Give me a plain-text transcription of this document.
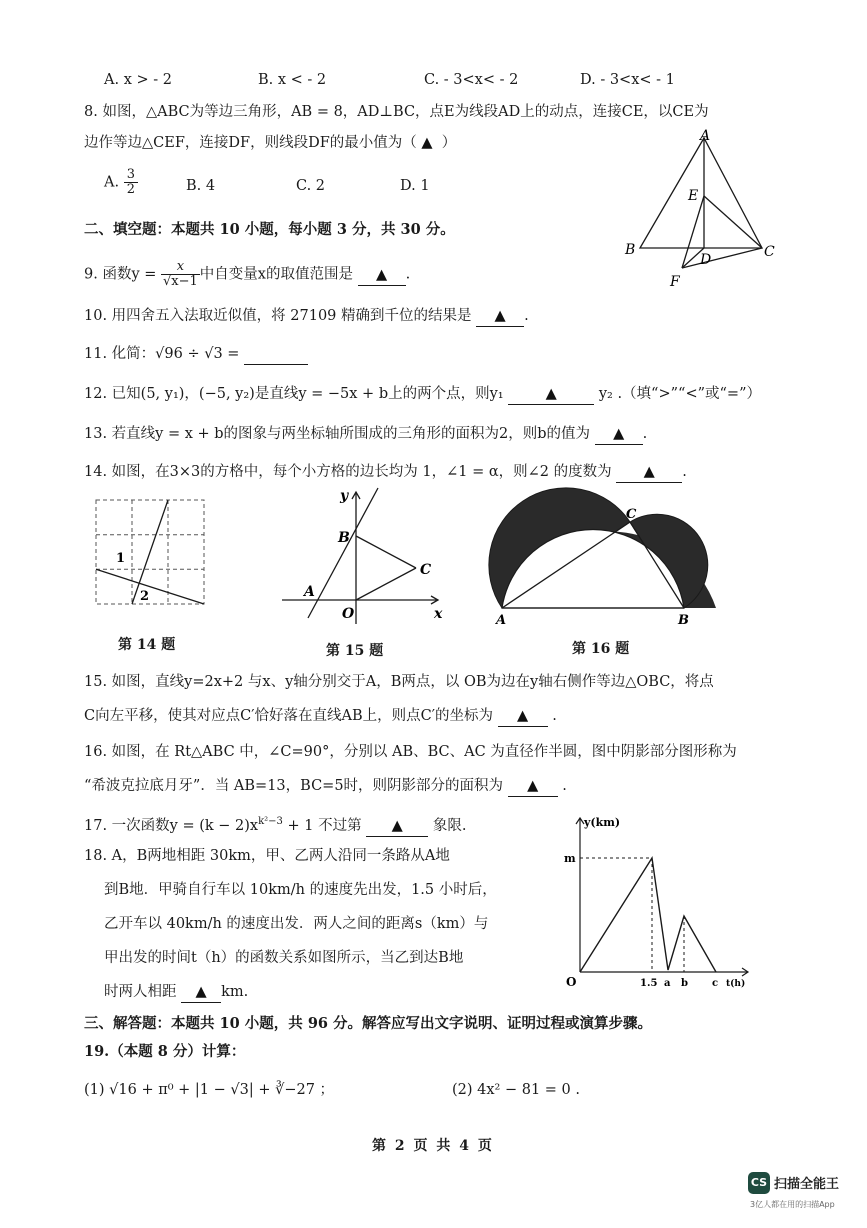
A. x > - 2	B. x < - 2	C. - 3<x< - 2	D. - 3<x< - 1
8. 如图，△ABC为等边三角形，AB = 8，AD⊥BC，点E为线段AD上的动点，连接CE，以CE为
边作等边△CEF，连接DF，则线段DF的最小值为（ ▲ ）
A. $\frac{3}{2}$	B. 4	C. 2	D. 1
A
B	C
D
E
F
二、填空题：本题共 10 小题，每小题 3 分，共 30 分。
9. 函数$y = \frac{x}{√x-1}$ 中自变量x的取值范围是 ▲ .
10. 用四舍五入法取近似值，将 27109 精确到千位的结果是 ▲ .
11. 化简：√96 ÷ √3 =
12. 已知(5, y₁)，(−5, y₂)是直线y = −5x + b上的两个点，则y₁	▲	y₂ .（填“>”“<”或“=”）
13. 若直线y = x + b的图象与两坐标轴所围成的三角形的面积为2，则b的值为 ▲ .
14. 如图，在3×3的方格中，每个小方格的边长均为 1，∠1 = α，则∠2 的度数为 ▲ .
1
2
第 14 题
y
x
B
C
A
O
第 15 题
A	B
C
第 16 题
15. 如图，直线y=2x+2 与x、y轴分别交于A，B两点，以 OB为边在y轴右侧作等边△OBC，将点
C向左平移，使其对应点C′恰好落在直线AB上，则点C′的坐标为 ▲ .
16. 如图，在 Rt△ABC 中，∠C=90°，分别以 AB、BC、AC 为直径作半圆，图中阴影部分图形称为
“希波克拉底月牙”．当 AB=13，BC=5时，则阴影部分的面积为 ▲ .
17. 一次函数$y = (k - 2)x^{k^2-3} + 1$ 不过第 ▲ 象限.
18. A，B两地相距 30km，甲、乙两人沿同一条路从A地
到B地．甲骑自行车以 10km/h 的速度先出发，1.5 小时后，
乙开车以 40km/h 的速度出发．两人之间的距离s（km）与
甲出发的时间t（h）的函数关系如图所示，当乙到达B地
时两人相距 ▲ km.
y(km)
m
O	1.5 a b c t(h)
三、解答题：本题共 10 小题，共 96 分。解答应写出文字说明、证明过程或演算步骤。
19.（本题 8 分）计算：
(1) √16 + π⁰ + |1 − √3| + ∛−27 ；	(2) 4x² − 81 = 0 .
第 2 页 共 4 页
CS 扫描全能王
3亿人都在用的扫描App
